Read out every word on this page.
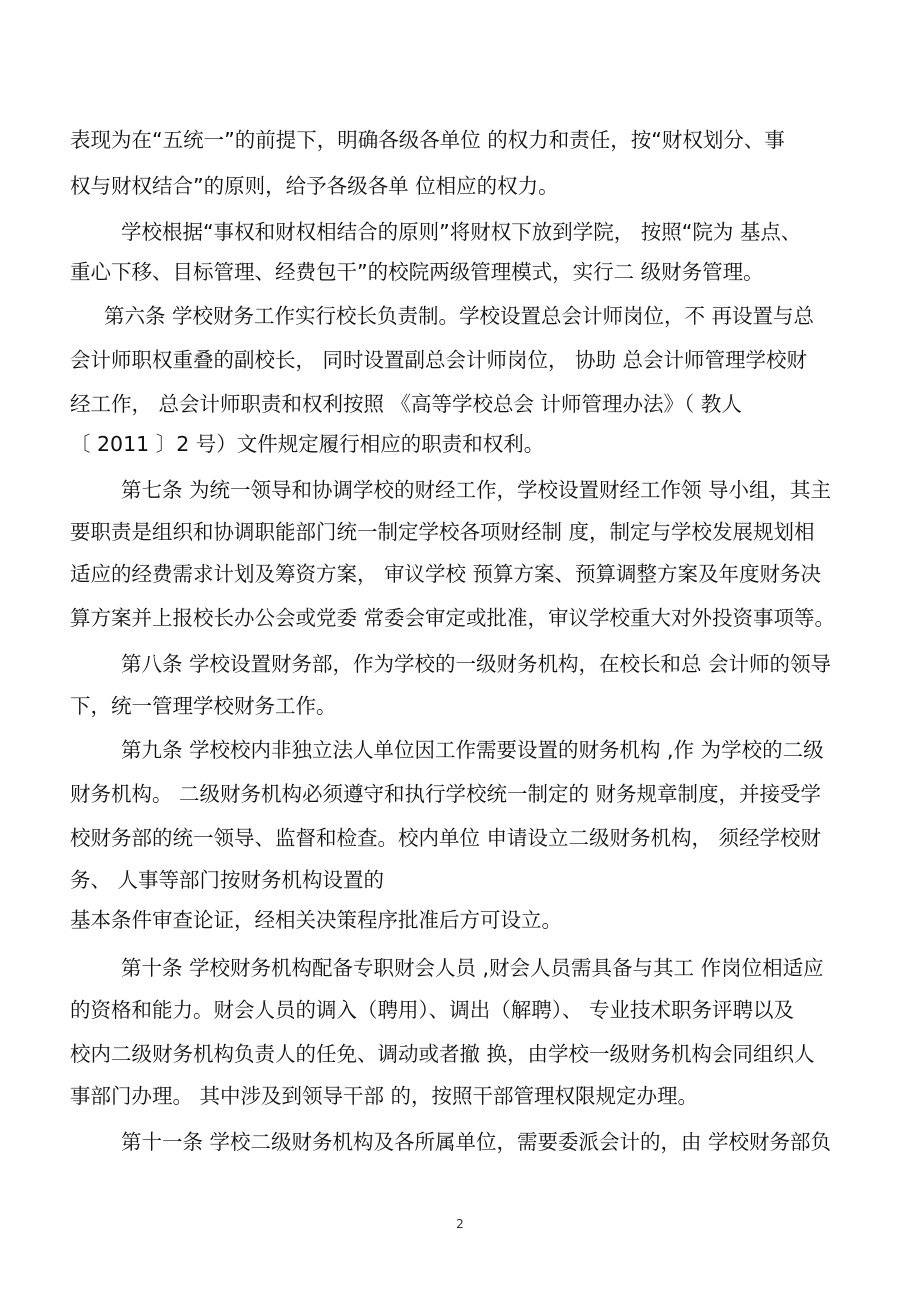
表现为在“五统一”的前提下，明确各级各单位 的权力和责任，按“财权划分、事

权与财权结合”的原则，给予各级各单 位相应的权力。

学校根据“事权和财权相结合的原则”将财权下放到学院， 按照“院为 基点、

重心下移、目标管理、经费包干”的校院两级管理模式，实行二 级财务管理。

第六条 学校财务工作实行校长负责制。学校设置总会计师岗位，不 再设置与总

会计师职权重叠的副校长， 同时设置副总会计师岗位， 协助 总会计师管理学校财

经工作， 总会计师职责和权利按照 《高等学校总会 计师管理办法》（ 教人

〔 2011 〕2 号）文件规定履行相应的职责和权利。

第七条 为统一领导和协调学校的财经工作，学校设置财经工作领 导小组，其主

要职责是组织和协调职能部门统一制定学校各项财经制 度，制定与学校发展规划相

适应的经费需求计划及筹资方案， 审议学校 预算方案、预算调整方案及年度财务决

算方案并上报校长办公会或党委 常委会审定或批准，审议学校重大对外投资事项等。

第八条 学校设置财务部，作为学校的一级财务机构，在校长和总 会计师的领导

下，统一管理学校财务工作。

第九条 学校校内非独立法人单位因工作需要设置的财务机构 ,作 为学校的二级

财务机构。 二级财务机构必须遵守和执行学校统一制定的 财务规章制度，并接受学

校财务部的统一领导、监督和检查。校内单位 申请设立二级财务机构， 须经学校财

务、 人事等部门按财务机构设置的

基本条件审查论证，经相关决策程序批准后方可设立。

第十条 学校财务机构配备专职财会人员 ,财会人员需具备与其工 作岗位相适应

的资格和能力。财会人员的调入（聘用）、调出（解聘）、 专业技术职务评聘以及

校内二级财务机构负责人的任免、调动或者撤 换，由学校一级财务机构会同组织人

事部门办理。 其中涉及到领导干部 的，按照干部管理权限规定办理。

第十一条 学校二级财务机构及各所属单位，需要委派会计的，由 学校财务部负

2
